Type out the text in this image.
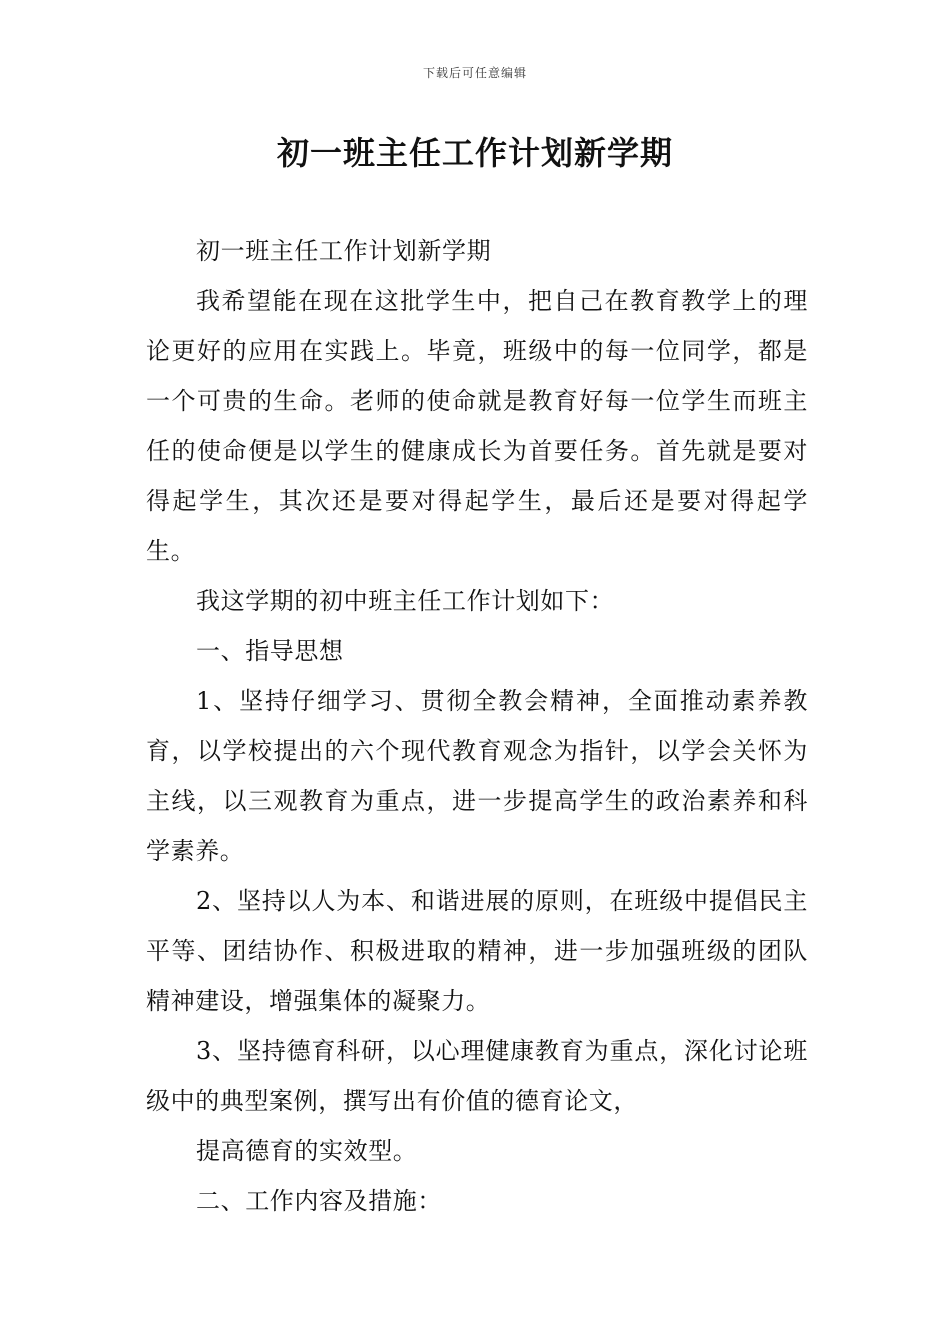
下载后可任意编辑
初一班主任工作计划新学期

初一班主任工作计划新学期

我希望能在现在这批学生中，把自己在教育教学上的理论更好的应用在实践上。毕竟，班级中的每一位同学，都是一个可贵的生命。老师的使命就是教育好每一位学生而班主任的使命便是以学生的健康成长为首要任务。首先就是要对得起学生，其次还是要对得起学生，最后还是要对得起学生。

我这学期的初中班主任工作计划如下：

一、指导思想

1、坚持仔细学习、贯彻全教会精神，全面推动素养教育，以学校提出的六个现代教育观念为指针，以学会关怀为主线，以三观教育为重点，进一步提高学生的政治素养和科学素养。

2、坚持以人为本、和谐进展的原则，在班级中提倡民主平等、团结协作、积极进取的精神，进一步加强班级的团队精神建设，增强集体的凝聚力。

3、坚持德育科研，以心理健康教育为重点，深化讨论班级中的典型案例，撰写出有价值的德育论文，

提高德育的实效型。

二、工作内容及措施：
